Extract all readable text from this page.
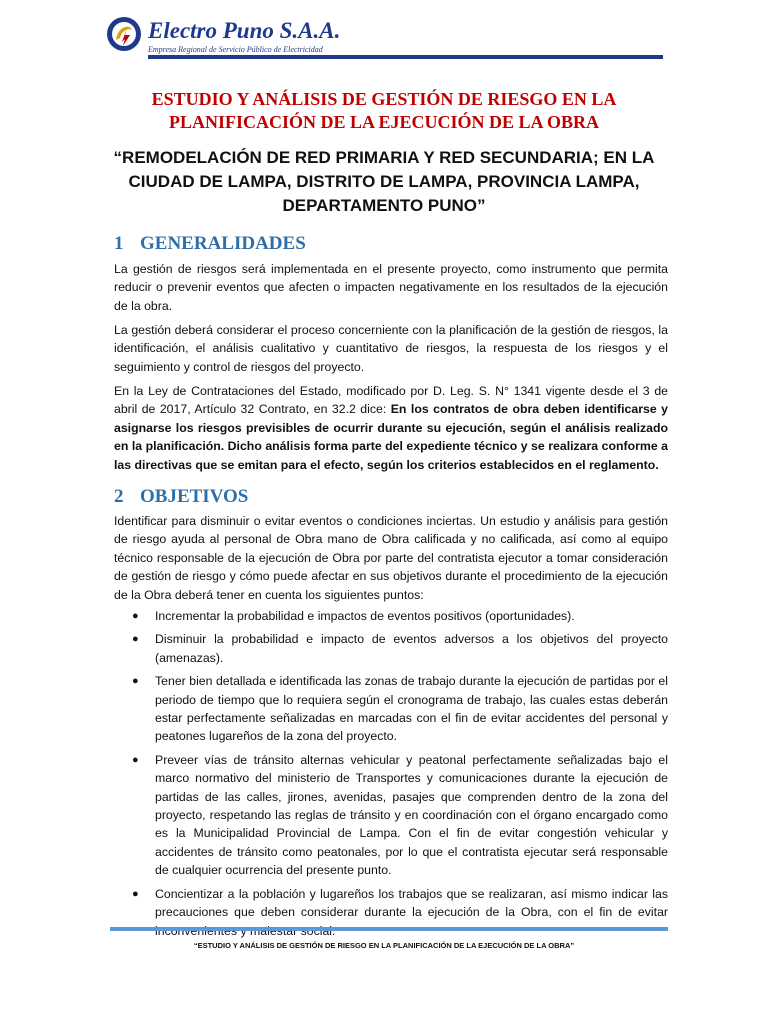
Electro Puno S.A.A.
Empresa Regional de Servicio Público de Electricidad
ESTUDIO Y ANÁLISIS DE GESTIÓN DE RIESGO EN LA PLANIFICACIÓN DE LA EJECUCIÓN DE LA OBRA
“REMODELACIÓN DE RED PRIMARIA Y RED SECUNDARIA; EN LA CIUDAD DE LAMPA, DISTRITO DE LAMPA, PROVINCIA LAMPA, DEPARTAMENTO PUNO”
1 GENERALIDADES

La gestión de riesgos será implementada en el presente proyecto, como instrumento que permita reducir o prevenir eventos que afecten o impacten negativamente en los resultados de la ejecución de la obra.

La gestión deberá considerar el proceso concerniente con la planificación de la gestión de riesgos, la identificación, el análisis cualitativo y cuantitativo de riesgos, la respuesta de los riesgos y el seguimiento y control de riesgos del proyecto.

En la Ley de Contrataciones del Estado, modificado por D. Leg. S. N° 1341 vigente desde el 3 de abril de 2017, Artículo 32 Contrato, en 32.2 dice: En los contratos de obra deben identificarse y asignarse los riesgos previsibles de ocurrir durante su ejecución, según el análisis realizado en la planificación. Dicho análisis forma parte del expediente técnico y se realizara conforme a las directivas que se emitan para el efecto, según los criterios establecidos en el reglamento.

2 OBJETIVOS

Identificar para disminuir o evitar eventos o condiciones inciertas. Un estudio y análisis para gestión de riesgo ayuda al personal de Obra mano de Obra calificada y no calificada, así como al equipo técnico responsable de la ejecución de Obra por parte del contratista ejecutor a tomar consideración de gestión de riesgo y cómo puede afectar en sus objetivos durante el procedimiento de la ejecución de la Obra deberá tener en cuenta los siguientes puntos:

● Incrementar la probabilidad e impactos de eventos positivos (oportunidades).
● Disminuir la probabilidad e impacto de eventos adversos a los objetivos del proyecto (amenazas).
● Tener bien detallada e identificada las zonas de trabajo durante la ejecución de partidas por el periodo de tiempo que lo requiera según el cronograma de trabajo, las cuales estas deberán estar perfectamente señalizadas en marcadas con el fin de evitar accidentes del personal y peatones lugareños de la zona del proyecto.
● Preveer vías de tránsito alternas vehicular y peatonal perfectamente señalizadas bajo el marco normativo del ministerio de Transportes y comunicaciones durante la ejecución de partidas de las calles, jirones, avenidas, pasajes que comprenden dentro de la zona del proyecto, respetando las reglas de tránsito y en coordinación con el órgano encargado como es la Municipalidad Provincial de Lampa. Con el fin de evitar congestión vehicular y accidentes de tránsito como peatonales, por lo que el contratista ejecutar será responsable de cualquier ocurrencia del presente punto.
● Concientizar a la población y lugareños los trabajos que se realizaran, así mismo indicar las precauciones que deben considerar durante la ejecución de la Obra, con el fin de evitar

“ESTUDIO Y ANÁLISIS DE GESTIÓN DE RIESGO EN LA PLANIFICACIÓN DE LA EJECUCIÓN DE LA OBRA”
